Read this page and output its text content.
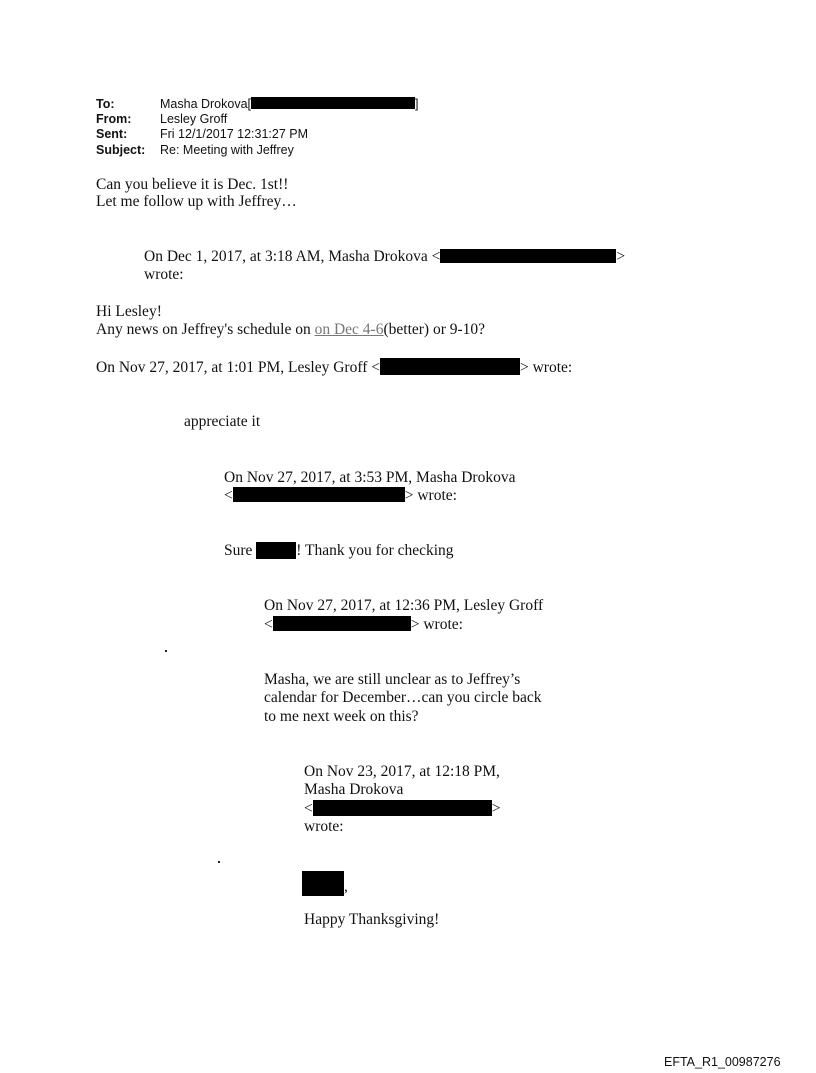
To:	Masha Drokova[	]
From: Lesley Groff
Sent:	Fri 12/1/2017 12:31:27 PM
Subject: Re: Meeting with Jeffrey
Can you believe it is Dec. 1st!!
Let me follow up with Jeffrey…
On Dec 1, 2017, at 3:18 AM, Masha Drokova <	>
wrote:
Hi Lesley!
Any news on Jeffrey's schedule on on Dec 4-6(better) or 9-10?
On Nov 27, 2017, at 1:01 PM, Lesley Groff <	> wrote:
appreciate it
On Nov 27, 2017, at 3:53 PM, Masha Drokova
<	> wrote:
Sure	! Thank you for checking
On Nov 27, 2017, at 12:36 PM, Lesley Groff
<	> wrote:
Masha, we are still unclear as to Jeffrey’s
calendar for December…can you circle back
to me next week on this?
On Nov 23, 2017, at 12:18 PM,
Masha Drokova
<	>
wrote:
,
Happy Thanksgiving!
EFTA_R1_00987276
